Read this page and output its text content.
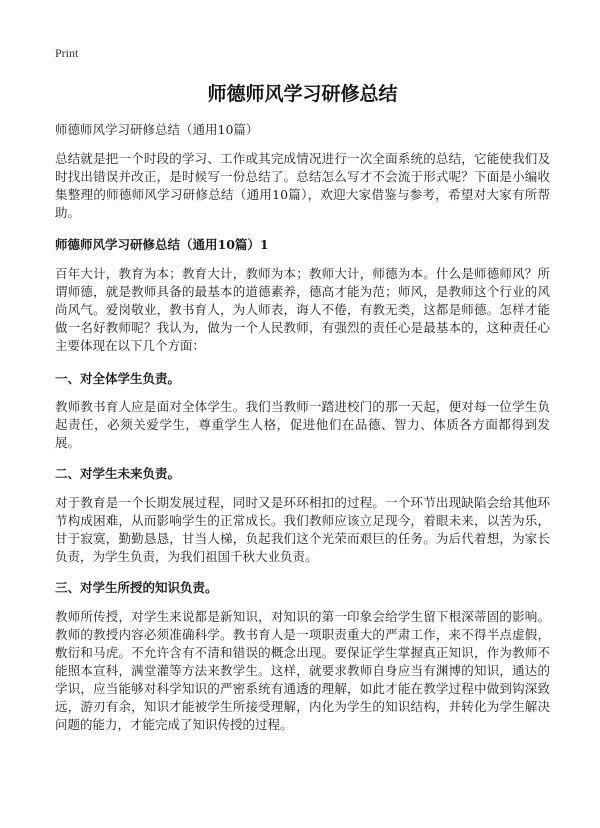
Print
师德师风学习研修总结

师德师风学习研修总结（通用10篇）

总结就是把一个时段的学习、工作或其完成情况进行一次全面系统的总结，它能使我们及时找出错误并改正，是时候写一份总结了。总结怎么写才不会流于形式呢？下面是小编收集整理的师德师风学习研修总结（通用10篇），欢迎大家借鉴与参考，希望对大家有所帮助。

师德师风学习研修总结（通用10篇）1

百年大计，教育为本；教育大计，教师为本；教师大计，师德为本。什么是师德师风？所谓师德，就是教师具备的最基本的道德素养，德高才能为范；师风，是教师这个行业的风尚风气。爱岗敬业，教书育人，为人师表，诲人不倦，有教无类，这都是师德。怎样才能做一名好教师呢？我认为，做为一个人民教师，有强烈的责任心是最基本的，这种责任心主要体现在以下几个方面：

一、对全体学生负责。

教师教书育人应是面对全体学生。我们当教师一踏进校门的那一天起，便对每一位学生负起责任，必须关爱学生，尊重学生人格，促进他们在品德、智力、体质各方面都得到发展。

二、对学生未来负责。

对于教育是一个长期发展过程，同时又是环环相扣的过程。一个环节出现缺陷会给其他环节构成困难，从而影响学生的正常成长。我们教师应该立足现今，着眼未来，以苦为乐，甘于寂寞，勤勤恳恳，甘当人梯，负起我们这个光荣而艰巨的任务。为后代着想，为家长负责，为学生负责，为我们祖国千秋大业负责。

三、对学生所授的知识负责。

教师所传授，对学生来说都是新知识，对知识的第一印象会给学生留下根深蒂固的影响。教师的教授内容必须准确科学。教书育人是一项职责重大的严肃工作，来不得半点虚假，敷衍和马虎。不允许含有不清和错误的概念出现。要保证学生掌握真正知识，作为教师不能照本宣科，满堂灌等方法来教学生。这样，就要求教师自身应当有渊博的知识，通达的学识，应当能够对科学知识的严密系统有通透的理解，如此才能在教学过程中做到钩深致远，游刃有余，知识才能被学生所接受理解，内化为学生的知识结构，并转化为学生解决问题的能力，才能完成了知识传授的过程。
